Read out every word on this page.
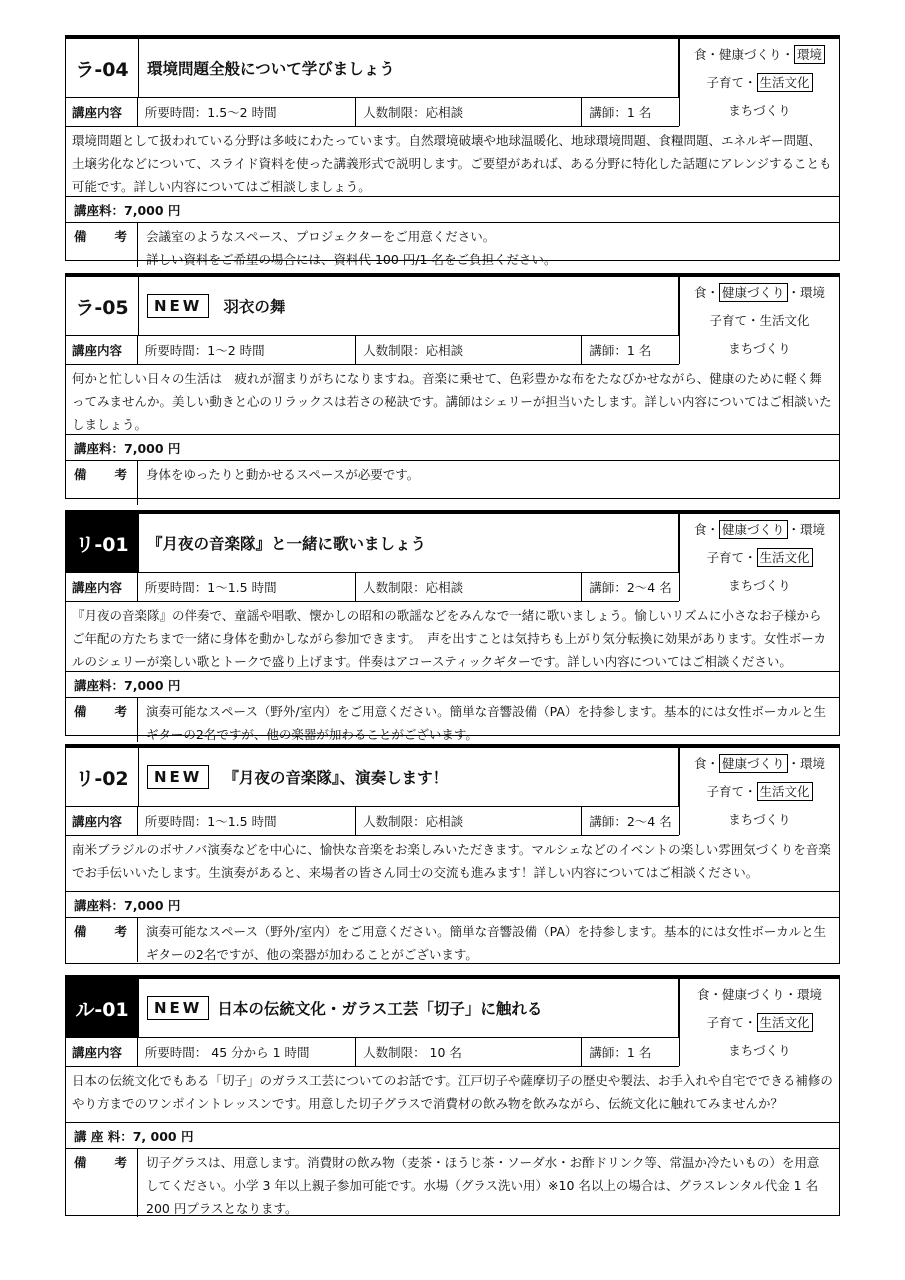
ラ-04	環境問題全般について学びましょう
講座内容	所要時間：1.5〜2 時間	人数制限：応相談	講師：1 名
食・健康づくり・ 環境
子育て・ 生活文化
まちづくり
環境問題として扱われている分野は多岐にわたっています。自然環境破壊や地球温暖化、地球環境問題、食糧問題、エネルギー問題、土壌劣化などについて、スライド資料を使った講義形式で説明します。ご要望があれば、ある分野に特化した話題にアレンジすることも可能です。詳しい内容についてはご相談しましょう。
講座料：7,000 円
備 考	会議室のようなスペース、プロジェクターをご用意ください。
詳しい資料をご希望の場合には、資料代 100 円/1 名をご負担ください。
ラ-05	NEW	羽衣の舞
講座内容	所要時間：1〜2 時間	人数制限：応相談	講師：1 名
食・ 健康づくり ・環境
子育て・生活文化
まちづくり
何かと忙しい日々の生活は　疲れが溜まりがちになりますね。音楽に乗せて、色彩豊かな布をたなびかせながら、健康のために軽く舞ってみませんか。美しい動きと心のリラックスは若さの秘訣です。講師はシェリーが担当いたします。詳しい内容についてはご相談いたしましょう。
講座料：7,000 円
備 考	身体をゆったりと動かせるスペースが必要です。
リ-01	『月夜の音楽隊』と一緒に歌いましょう
講座内容	所要時間：1〜1.5 時間	人数制限：応相談	講師：2〜4 名
食・ 健康づくり ・環境
子育て・ 生活文化
まちづくり
『月夜の音楽隊』の伴奏で、童謡や唱歌、懐かしの昭和の歌謡などをみんなで一緒に歌いましょう。愉しいリズムに小さなお子様からご年配の方たちまで一緒に身体を動かしながら参加できます。　声を出すことは気持ちも上がり気分転換に効果があります。女性ボーカルのシェリーが楽しい歌とトークで盛り上げます。伴奏はアコースティックギターです。詳しい内容についてはご相談ください。
講座料：7,000 円
備 考	演奏可能なスペース（野外/室内）をご用意ください。簡単な音響設備（PA）を持参します。基本的には女性ボーカルと生ギターの2名ですが、他の楽器が加わることがございます。
リ-02	NEW	『月夜の音楽隊』、演奏します！
講座内容	所要時間：1〜1.5 時間	人数制限：応相談	講師：2〜4 名
食・ 健康づくり ・環境
子育て・ 生活文化
まちづくり
南米ブラジルのボサノバ演奏などを中心に、愉快な音楽をお楽しみいただきます。マルシェなどのイベントの楽しい雰囲気づくりを音楽でお手伝いいたします。生演奏があると、来場者の皆さん同士の交流も進みます！詳しい内容についてはご相談ください。
講座料：7,000 円
備 考	演奏可能なスペース（野外/室内）をご用意ください。簡単な音響設備（PA）を持参します。基本的には女性ボーカルと生ギターの2名ですが、他の楽器が加わることがございます。
ル-01	NEW 日本の伝統文化・ガラス工芸「切子」に触れる
講座内容	所要時間： 45 分から 1 時間	人数制限： 10 名	講師：1 名
食・健康づくり・環境
子育て・ 生活文化
まちづくり
日本の伝統文化でもある「切子」のガラス工芸についてのお話です。江戸切子や薩摩切子の歴史や製法、お手入れや自宅でできる補修のやり方までのワンポイントレッスンです。用意した切子グラスで消費材の飲み物を飲みながら、伝統文化に触れてみませんか？
講 座 料：7, 000 円
備 考	切子グラスは、用意します。消費財の飲み物（麦茶・ほうじ茶・ソーダ水・お酢ドリンク等、常温か冷たいもの）を用意してください。小学 3 年以上親子参加可能です。水場（グラス洗い用）※10 名以上の場合は、グラスレンタル代金 1 名 200 円プラスとなります。
